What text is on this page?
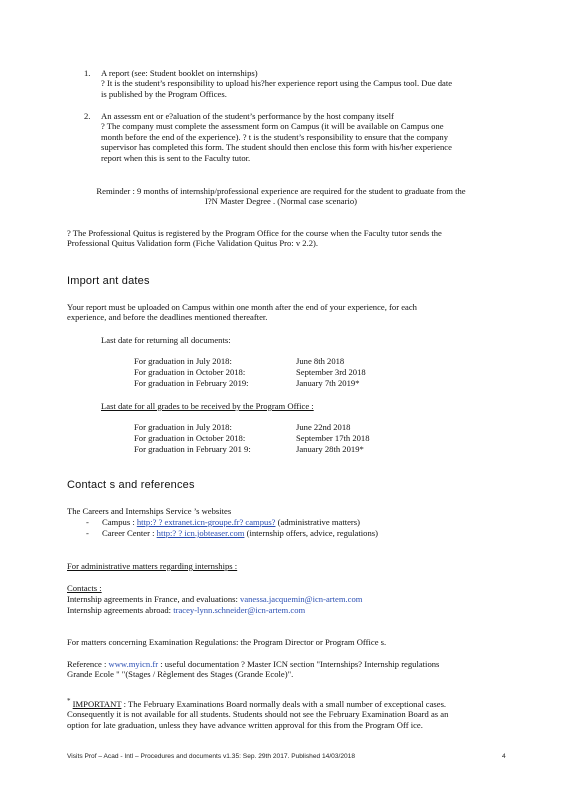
1. A report (see: Student booklet on internships)
? It is the student’s responsibility to upload his?her experience report using the Campus tool. Due date
is published by the Program Offices.
2. An assessm ent or e?aluation of the student’s performance by the host company itself
? The company must complete the assessment form on Campus (it will be available on Campus one
month before the end of the experience). ? t is the student’s responsibility to ensure that the company
supervisor has completed this form. The student should then enclose this form with his/her experience
report when this is sent to the Faculty tutor.
Reminder : 9 months of internship/professional experience are required for the student to graduate from the
I?N Master Degree . (Normal case scenario)
? The Professional Quitus is registered by the Program Office for the course when the Faculty tutor sends the
Professional Quitus Validation form (Fiche Validation Quitus Pro: v 2.2).
Import ant dates
Your report must be uploaded on Campus within one month after the end of your experience, for each
experience, and before the deadlines mentioned thereafter.
Last date for returning all documents:
For graduation in July 2018:	June 8th 2018
For graduation in October 2018:	September 3rd 2018
For graduation in February 2019:	January 7th 2019*
Last date for all grades to be received by the Program Office :
For graduation in July 2018:	June 22nd 2018
For graduation in October 2018:	September 17th 2018
For graduation in February 201 9:	January 28th 2019*
Contact s and references
The Careers and Internships Service ’s websites
- Campus : http:? ? extranet.icn-groupe.fr? campus? (administrative matters)
- Career Center : http:? ? icn.jobteaser.com (internship offers, advice, regulations)
For administrative matters regarding internships :
Contacts :
Internship agreements in France, and evaluations: vanessa.jacquemin@icn-artem.com
Internship agreements abroad: tracey-lynn.schneider@icn-artem.com
For matters concerning Examination Regulations: the Program Director or Program Office s.
Reference : www.myicn.fr : useful documentation ? Master ICN section "Internships? Internship regulations
Grande Ecole " "(Stages / Règlement des Stages (Grande Ecole)".
* IMPORTANT : The February Examinations Board normally deals with a small number of exceptional cases.
Consequently it is not available for all students. Students should not see the February Examination Board as an
option for late graduation, unless they have advance written approval for this from the Program Off ice.
Visits Prof – Acad - Intl – Procedures and documents v1.35: Sep. 29th 2017. Published 14/03/2018	4
